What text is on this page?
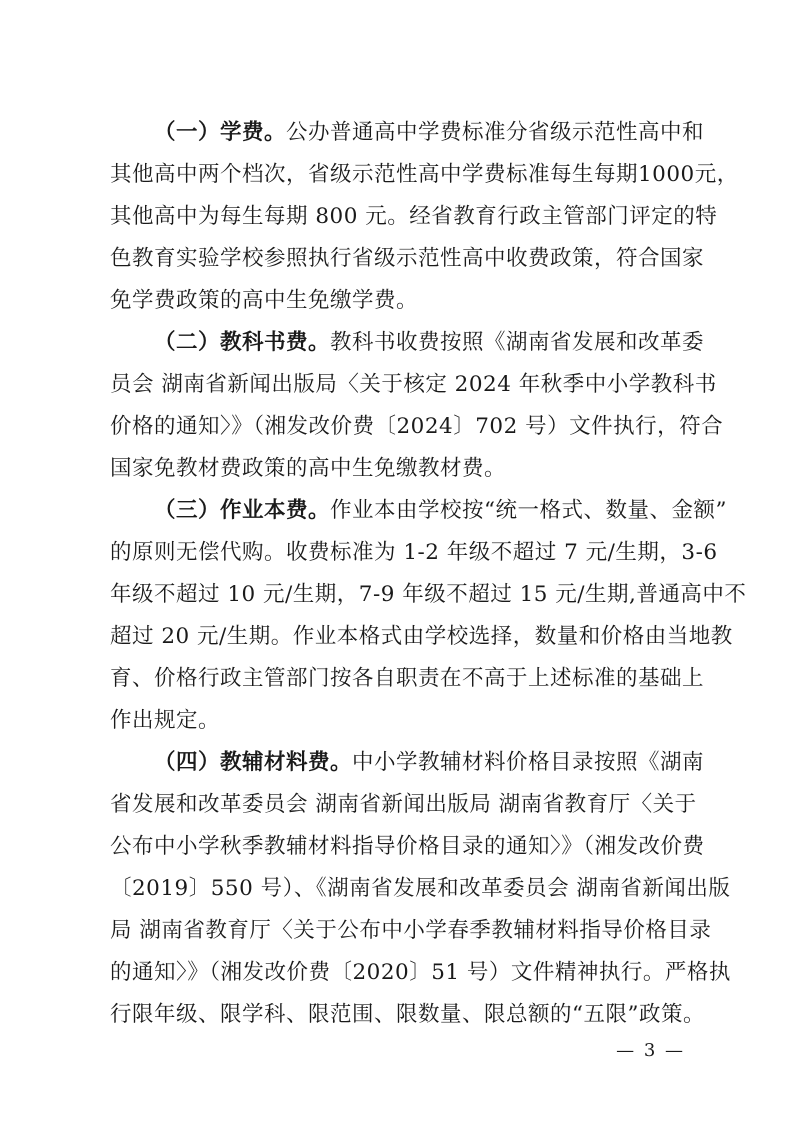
（一）学费。公办普通高中学费标准分省级示范性高中和
其他高中两个档次，省级示范性高中学费标准每生每期1000元，
其他高中为每生每期 800 元。经省教育行政主管部门评定的特
色教育实验学校参照执行省级示范性高中收费政策，符合国家
免学费政策的高中生免缴学费。
（二）教科书费。教科书收费按照《湖南省发展和改革委
员会 湖南省新闻出版局〈关于核定 2024 年秋季中小学教科书
价格的通知〉》（湘发改价费〔2024〕702 号）文件执行，符合
国家免教材费政策的高中生免缴教材费。
（三）作业本费。作业本由学校按“统一格式、数量、金额”
的原则无偿代购。收费标准为 1-2 年级不超过 7 元/生期，3-6
年级不超过 10 元/生期，7-9 年级不超过 15 元/生期,普通高中不
超过 20 元/生期。作业本格式由学校选择，数量和价格由当地教
育、价格行政主管部门按各自职责在不高于上述标准的基础上
作出规定。
（四）教辅材料费。中小学教辅材料价格目录按照《湖南
省发展和改革委员会 湖南省新闻出版局 湖南省教育厅〈关于
公布中小学秋季教辅材料指导价格目录的通知〉》（湘发改价费
〔2019〕550 号）、《湖南省发展和改革委员会 湖南省新闻出版
局 湖南省教育厅〈关于公布中小学春季教辅材料指导价格目录
的通知〉》（湘发改价费〔2020〕51 号）文件精神执行。严格执
行限年级、限学科、限范围、限数量、限总额的“五限”政策。
— 3 —
